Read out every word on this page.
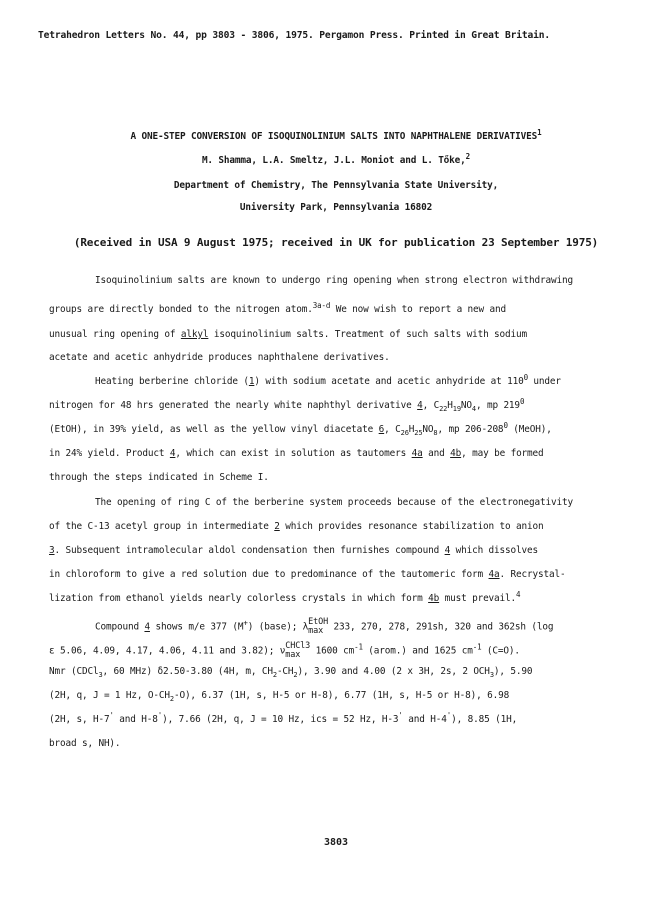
Tetrahedron Letters No. 44, pp 3803 - 3806, 1975. Pergamon Press. Printed in Great Britain.
A ONE-STEP CONVERSION OF ISOQUINOLINIUM SALTS INTO NAPHTHALENE DERIVATIVES$^1$
M. Shamma, L.A. Smeltz, J.L. Moniot and L. Tőke,$^2$
Department of Chemistry, The Pennsylvania State University,
University Park, Pennsylvania 16802
(Received in USA 9 August 1975; received in UK for publication 23 September 1975)
Isoquinolinium salts are known to undergo ring opening when strong electron withdrawing
groups are directly bonded to the nitrogen atom.$^{3a-d}$ We now wish to report a new and
unusual ring opening of alkyl isoquinolinium salts. Treatment of such salts with sodium
acetate and acetic anhydride produces naphthalene derivatives.
Heating berberine chloride (1) with sodium acetate and acetic anhydride at $110^0$ under
nitrogen for 48 hrs generated the nearly white naphthyl derivative 4, $C_{22}H_{19}NO_4$, mp $219^0$
(EtOH), in 39% yield, as well as the yellow vinyl diacetate 6, $C_{26}H_{25}NO_8$, mp $206-208^0$ (MeOH),
in 24% yield. Product 4, which can exist in solution as tautomers 4a and 4b, may be formed
through the steps indicated in Scheme I.
The opening of ring C of the berberine system proceeds because of the electronegativity
of the C-13 acetyl group in intermediate 2 which provides resonance stabilization to anion
3. Subsequent intramolecular aldol condensation then furnishes compound 4 which dissolves
in chloroform to give a red solution due to predominance of the tautomeric form 4a. Recrystal-
lization from ethanol yields nearly colorless crystals in which form 4b must prevail.$^4$
Compound 4 shows m/e 377 (M+) (base); λ EtOH
max 233, 270, 278, 291sh, 320 and 362sh (log
ε 5.06, 4.09, 4.17, 4.06, 4.11 and 3.82); ν CHCl3
max	1600 $cm^{-1}$ (arom.) and 1625 $cm^{-1}$ (C=O).
Nmr (CDCl$_3$, 60 MHz) δ2.50-3.80 (4H, m, $CH_2-CH_2$), 3.90 and 4.00 (2 x 3H, 2s, 2 $OCH_3$), 5.90
(2H, q, J = 1 Hz, $O-CH_2-O$), 6.37 (1H, s, H-5 or H-8), 6.77 (1H, s, H-5 or H-8), 6.98
(2H, s, H-7' and H-8'), 7.66 (2H, q, J = 10 Hz, ics = 52 Hz, H-3' and H-4'), 8.85 (1H,
broad s, NH).
3803
